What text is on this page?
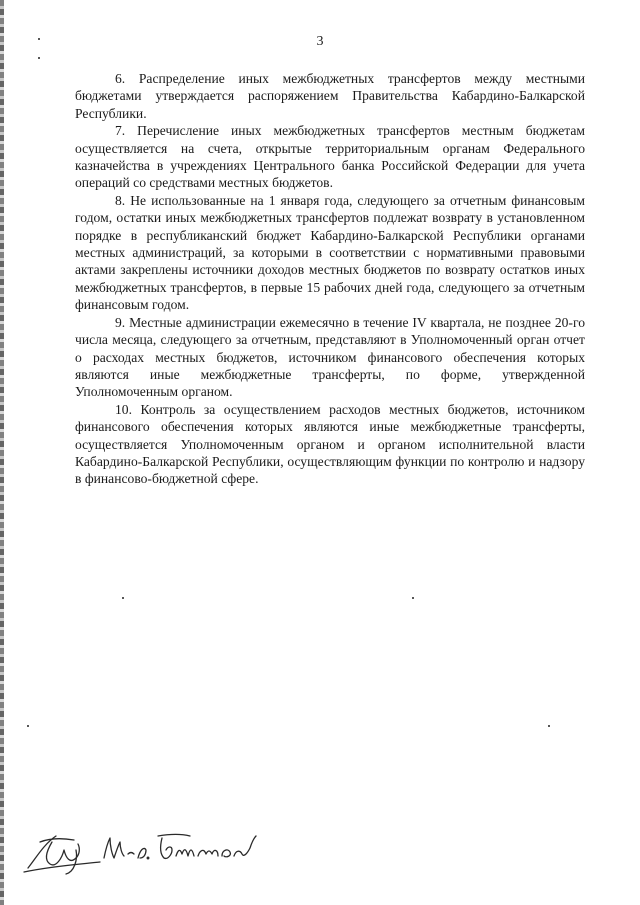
3

6. Распределение иных межбюджетных трансфертов между местными бюджетами утверждается распоряжением Правительства Кабардино-Балкарской Республики.

7. Перечисление иных межбюджетных трансфертов местным бюджетам осуществляется на счета, открытые территориальным органам Федерального казначейства в учреждениях Центрального банка Российской Федерации для учета операций со средствами местных бюджетов.

8. Не использованные на 1 января года, следующего за отчетным финансовым годом, остатки иных межбюджетных трансфертов подлежат возврату в установленном порядке в республиканский бюджет Кабардино-Балкарской Республики органами местных администраций, за которыми в соответствии с нормативными правовыми актами закреплены источники доходов местных бюджетов по возврату остатков иных межбюджетных трансфертов, в первые 15 рабочих дней года, следующего за отчетным финансовым годом.

9. Местные администрации ежемесячно в течение IV квартала, не позднее 20-го числа месяца, следующего за отчетным, представляют в Уполномоченный орган отчет о расходах местных бюджетов, источником финансового обеспечения которых являются иные межбюджетные трансферты, по форме, утвержденной Уполномоченным органом.

10. Контроль за осуществлением расходов местных бюджетов, источником финансового обеспечения которых являются иные межбюджетные трансферты, осуществляется Уполномоченным органом и органом исполнительной власти Кабардино-Балкарской Республики, осуществляющим функции по контролю и надзору в финансово-бюджетной сфере.
